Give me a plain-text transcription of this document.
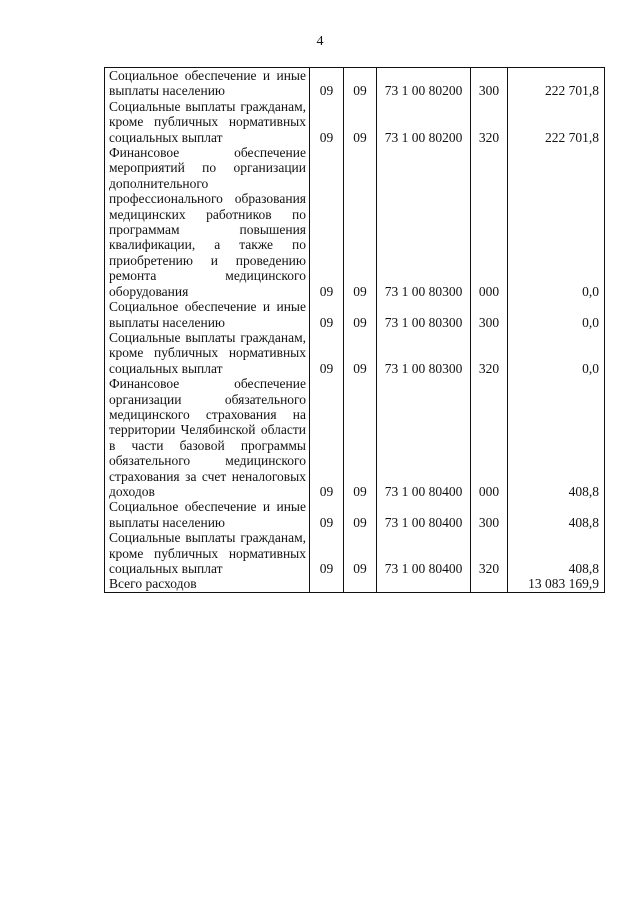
4
Социальное обеспечение и иные выплаты населению	09	09	73 1 00 80200	300	222 701,8
Социальные выплаты гражданам, кроме публичных нормативных социальных выплат	09	09	73 1 00 80200	320	222 701,8
Финансовое обеспечение мероприятий по организации дополнительного профессионального образования медицинских работников по программам повышения квалификации, а также по приобретению и проведению ремонта медицинского оборудования	09	09	73 1 00 80300	000	0,0
Социальное обеспечение и иные выплаты населению	09	09	73 1 00 80300	300	0,0
Социальные выплаты гражданам, кроме публичных нормативных социальных выплат	09	09	73 1 00 80300	320	0,0
Финансовое обеспечение организации обязательного медицинского страхования на территории Челябинской области в части базовой программы обязательного медицинского страхования за счет неналоговых доходов	09	09	73 1 00 80400	000	408,8
Социальное обеспечение и иные выплаты населению	09	09	73 1 00 80400	300	408,8
Социальные выплаты гражданам, кроме публичных нормативных социальных выплат	09	09	73 1 00 80400	320	408,8
Всего расходов					13 083 169,9
